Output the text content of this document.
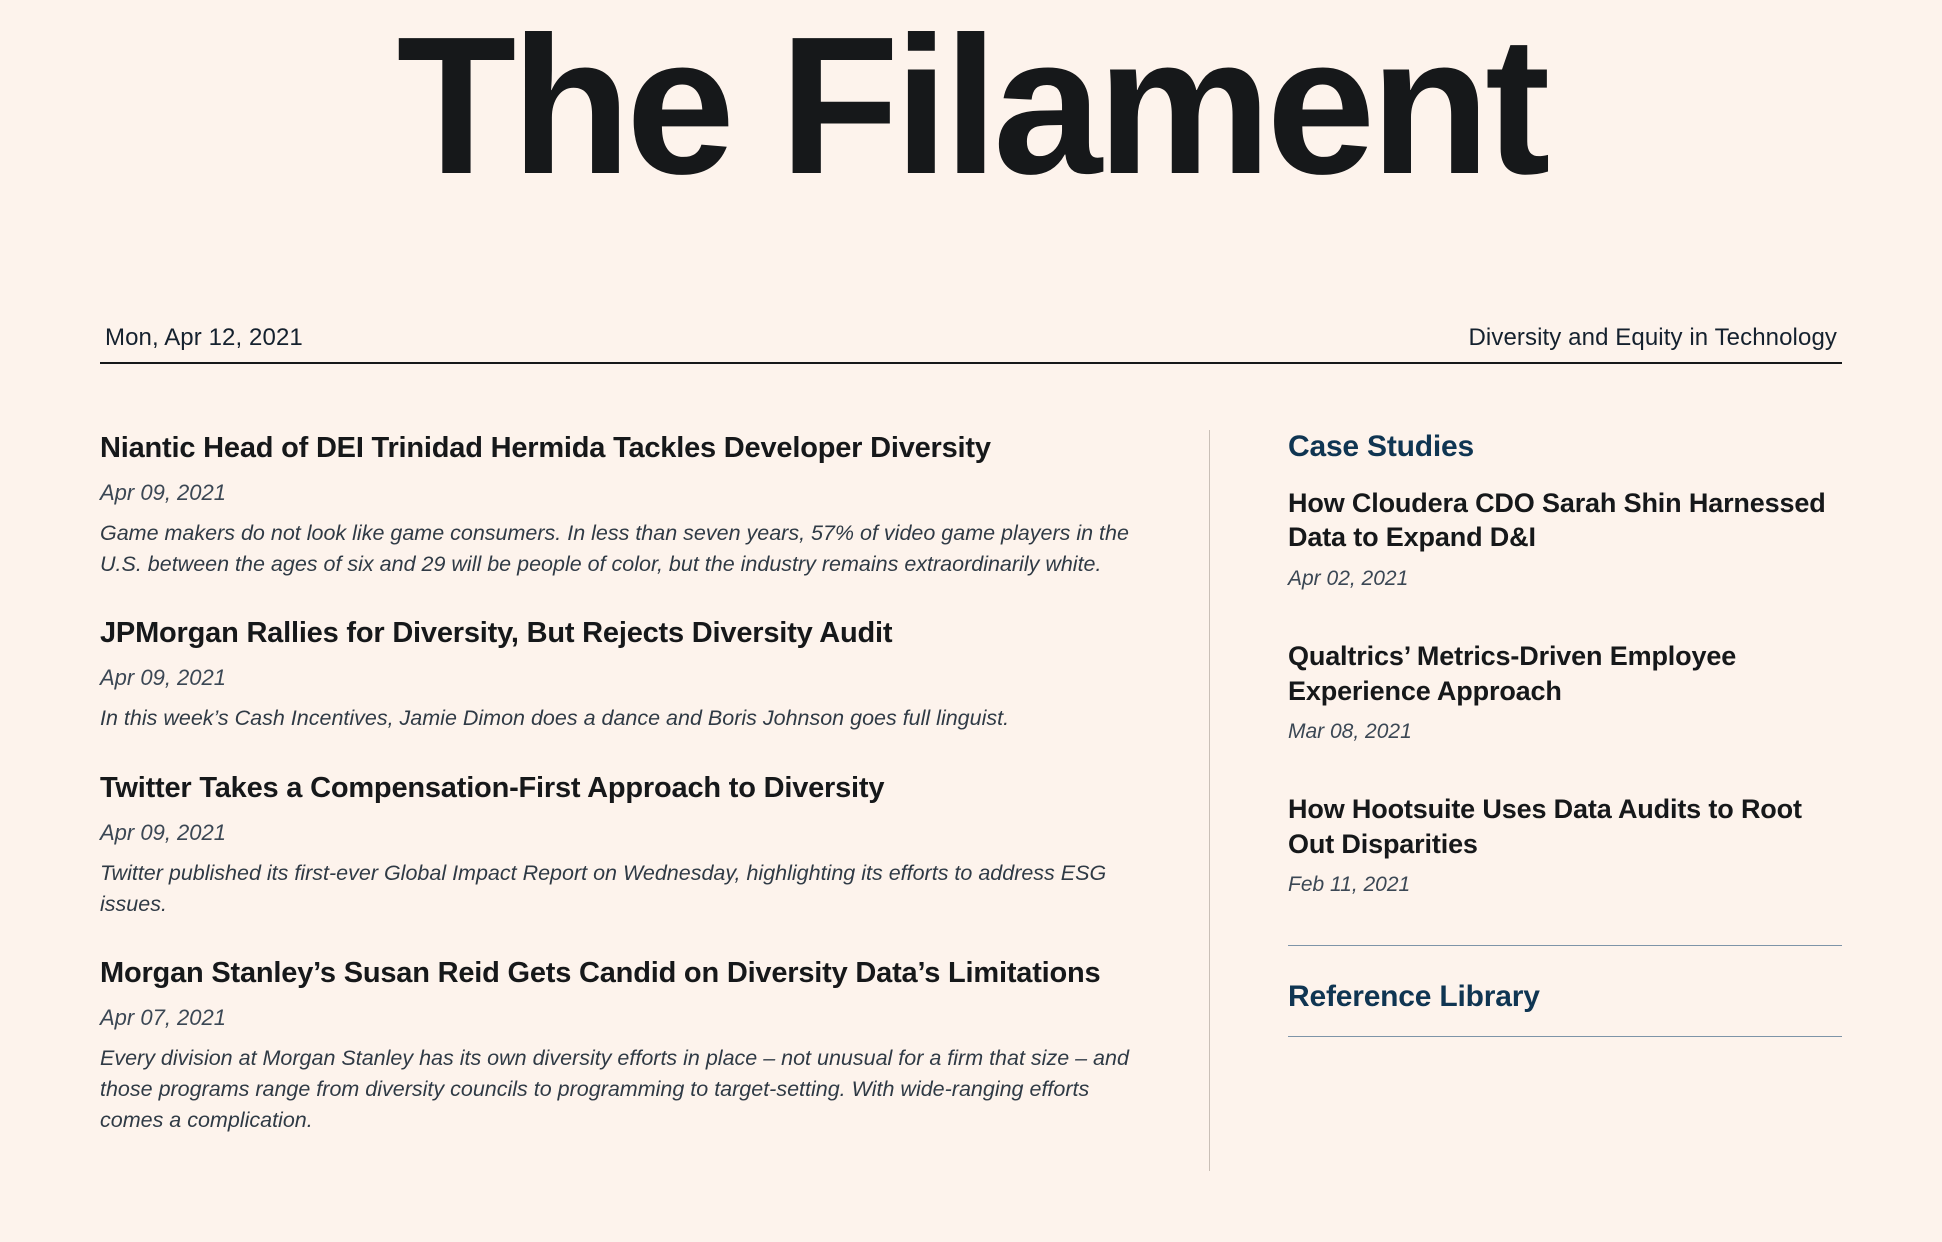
The Filament
Mon, Apr 12, 2021	Diversity and Equity in Technology
Niantic Head of DEI Trinidad Hermida Tackles Developer Diversity
Apr 09, 2021

Game makers do not look like game consumers. In less than seven years, 57% of video game players in the U.S. between the ages of six and 29 will be people of color, but the industry remains extraordinarily white.

JPMorgan Rallies for Diversity, But Rejects Diversity Audit
Apr 09, 2021

In this week’s Cash Incentives, Jamie Dimon does a dance and Boris Johnson goes full linguist.

Twitter Takes a Compensation-First Approach to Diversity
Apr 09, 2021

Twitter published its first-ever Global Impact Report on Wednesday, highlighting its efforts to address ESG issues.

Morgan Stanley’s Susan Reid Gets Candid on Diversity Data’s Limitations
Apr 07, 2021

Every division at Morgan Stanley has its own diversity efforts in place – not unusual for a firm that size – and those programs range from diversity councils to programming to target-setting. With wide-ranging efforts comes a complication.

Case Studies
How Cloudera CDO Sarah Shin Harnessed Data to Expand D&I
Apr 02, 2021
Qualtrics’ Metrics-Driven Employee Experience Approach
Mar 08, 2021
How Hootsuite Uses Data Audits to Root Out Disparities
Feb 11, 2021
Reference Library
